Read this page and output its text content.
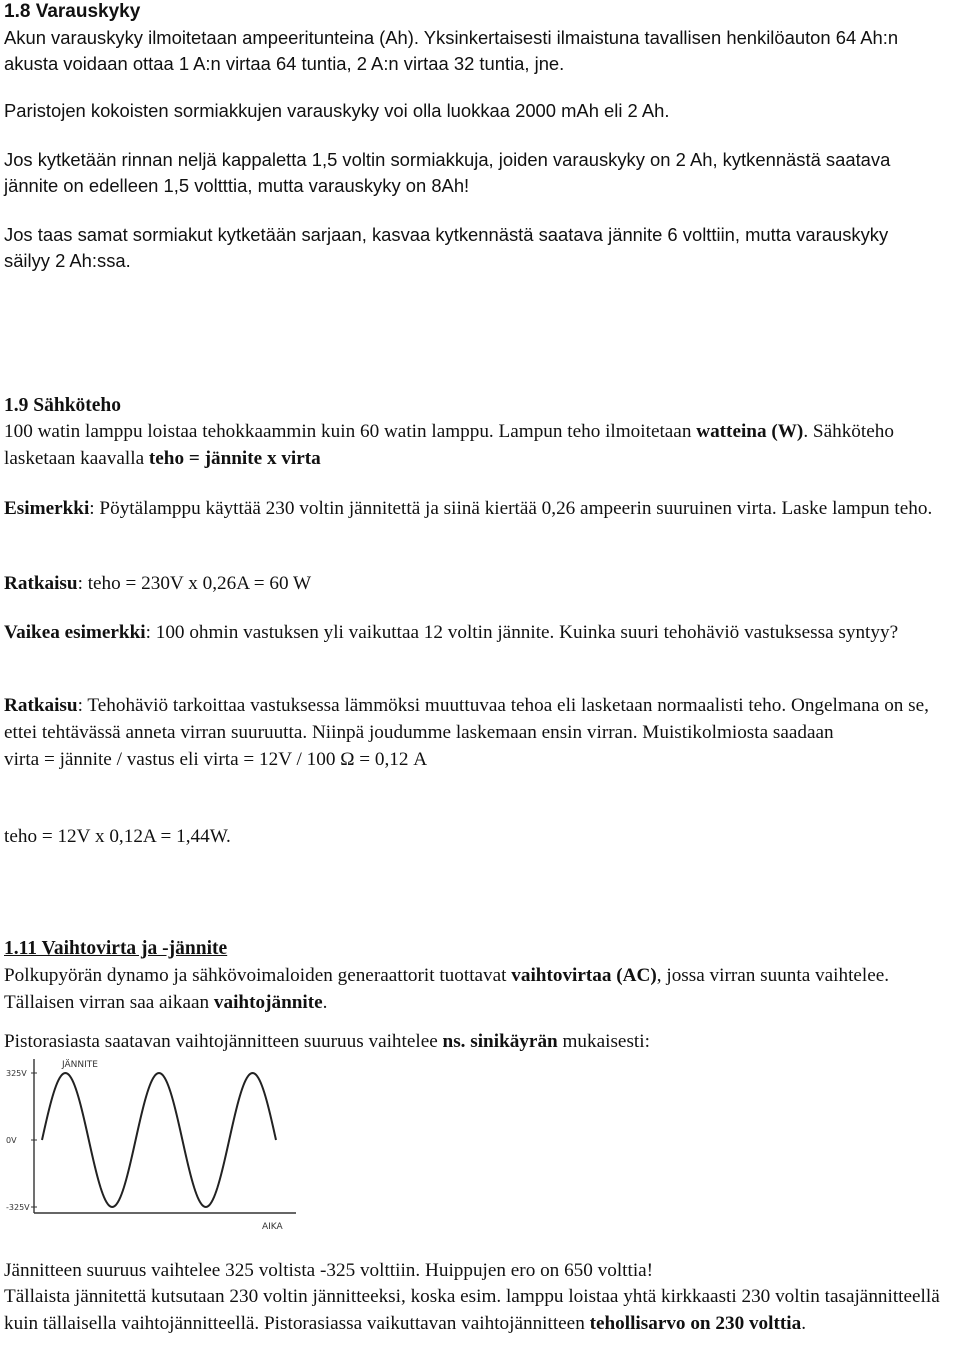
1.8 Varauskyky

Akun varauskyky ilmoitetaan ampeeritunteina (Ah). Yksinkertaisesti ilmaistuna tavallisen henkilöauton 64 Ah:n akusta voidaan ottaa 1 A:n virtaa 64 tuntia, 2 A:n virtaa 32 tuntia, jne.

Paristojen kokoisten sormiakkujen varauskyky voi olla luokkaa 2000 mAh eli 2 Ah.

Jos kytketään rinnan neljä kappaletta 1,5 voltin sormiakkuja, joiden varauskyky on 2 Ah, kytkennästä saatava jännite on edelleen 1,5 voltttia, mutta varauskyky on 8Ah!

Jos taas samat sormiakut kytketään sarjaan, kasvaa kytkennästä saatava jännite 6 volttiin, mutta varauskyky säilyy 2 Ah:ssa.

1.9 Sähköteho

100 watin lamppu loistaa tehokkaammin kuin 60 watin lamppu. Lampun teho ilmoitetaan watteina (W). Sähköteho lasketaan kaavalla teho = jännite x virta

Esimerkki: Pöytälamppu käyttää 230 voltin jännitettä ja siinä kiertää 0,26 ampeerin suuruinen virta. Laske lampun teho.

Ratkaisu: teho = 230V x 0,26A = 60 W

Vaikea esimerkki: 100 ohmin vastuksen yli vaikuttaa 12 voltin jännite. Kuinka suuri tehohäviö vastuksessa syntyy?

Ratkaisu: Tehohäviö tarkoittaa vastuksessa lämmöksi muuttuvaa tehoa eli lasketaan normaalisti teho. Ongelmana on se, ettei tehtävässä anneta virran suuruutta. Niinpä joudumme laskemaan ensin virran. Muistikolmiosta saadaan
virta = jännite / vastus eli virta = 12V / 100 Ω = 0,12 A

teho = 12V x 0,12A = 1,44W.

1.11 Vaihtovirta ja -jännite

Polkupyörän dynamo ja sähkövoimaloiden generaattorit tuottavat vaihtovirtaa (AC), jossa virran suunta vaihtelee. Tällaisen virran saa aikaan vaihtojännite.

Pistorasiasta saatavan vaihtojännitteen suuruus vaihtelee ns. sinikäyrän mukaisesti:

325V
0V
-325V
JÄNNITE
AIKA

Jännitteen suuruus vaihtelee 325 voltista -325 volttiin. Huippujen ero on 650 volttia!

Tällaista jännitettä kutsutaan 230 voltin jännitteeksi, koska esim. lamppu loistaa yhtä kirkkaasti 230 voltin tasajännitteellä kuin tällaisella vaihtojännitteellä. Pistorasiassa vaikuttavan vaihtojännitteen tehollisarvo on 230 volttia.
